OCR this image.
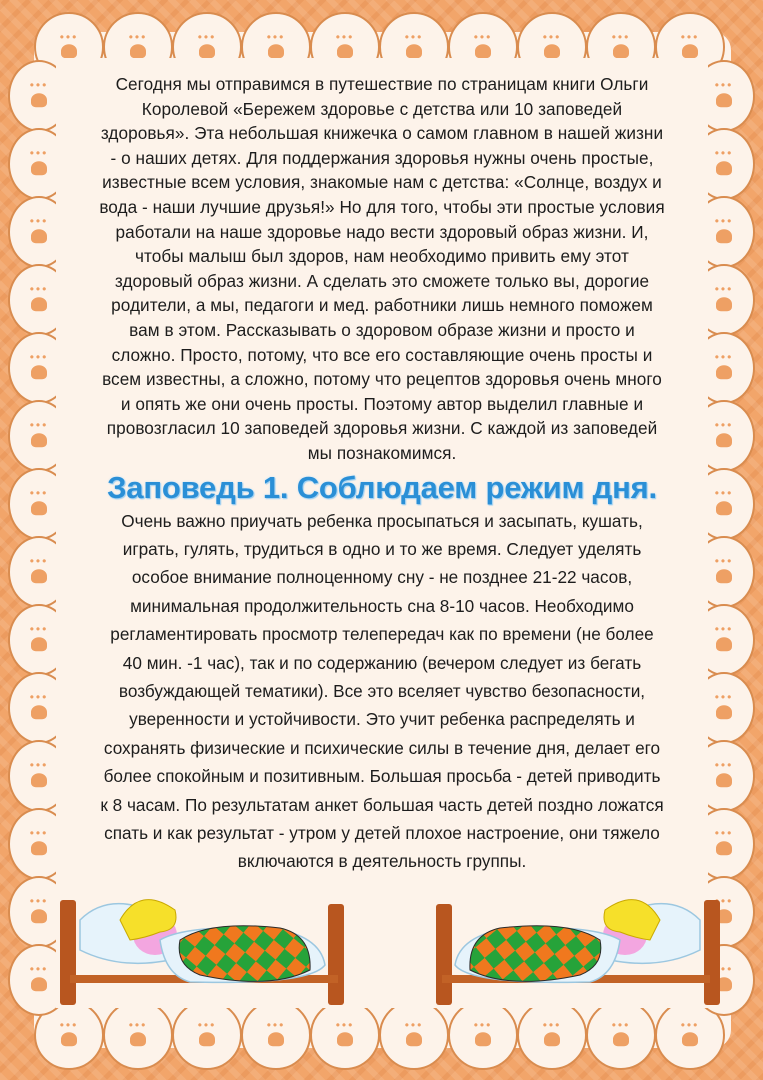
•••
•••
•••
•••
•••
•••
•••
•••
•••
•••
•••
•••
•••
•••
•••
•••
•••
•••
•••
•••
•••
•••
•••
•••
•••
•••
•••
•••
•••
•••
•••
•••
•••
•••
•••
•••
•••
•••
•••
•••
•••
•••
•••
•••
•••
•••
•••
•••

Сегодня мы отправимся в путешествие по страницам книги Ольги

Королевой «Бережем здоровье с детства или 10 заповедей

здоровья». Эта небольшая книжечка о самом главном в нашей жизни

- о наших детях. Для поддержания здоровья нужны очень простые,

известные всем условия, знакомые нам с детства: «Солнце, воздух и

вода - наши лучшие друзья!» Но для того, чтобы эти простые условия

работали на наше здоровье надо вести здоровый образ жизни. И,

чтобы малыш был здоров, нам необходимо привить ему этот

здоровый образ жизни. А сделать это сможете только вы, дорогие

родители, а мы, педагоги и мед. работники лишь немного поможем

вам в этом. Рассказывать о здоровом образе жизни и просто и

сложно. Просто, потому, что все его составляющие очень просты и

всем известны, а сложно, потому что рецептов здоровья очень много

и опять же они очень просты. Поэтому автор выделил главные и

провозгласил 10 заповедей здоровья жизни. С каждой из заповедей

мы познакомимся.

Заповедь 1. Соблюдаем режим дня.

Очень важно приучать ребенка просыпаться и засыпать, кушать,

играть, гулять, трудиться в одно и то же время. Следует уделять

особое внимание полноценному сну - не позднее 21-22 часов,

минимальная продолжительность сна 8-10 часов. Необходимо

регламентировать просмотр телепередач как по времени (не более

40 мин. -1 час), так и по содержанию (вечером следует из бегать

возбуждающей тематики). Все это вселяет чувство безопасности,

уверенности и устойчивости. Это учит ребенка распределять и

сохранять физические и психические силы в течение дня, делает его

более спокойным и позитивным. Большая просьба - детей приводить

к 8 часам. По результатам анкет большая часть детей поздно ложатся

спать и как результат - утром у детей плохое настроение, они тяжело

включаются в деятельность группы.
